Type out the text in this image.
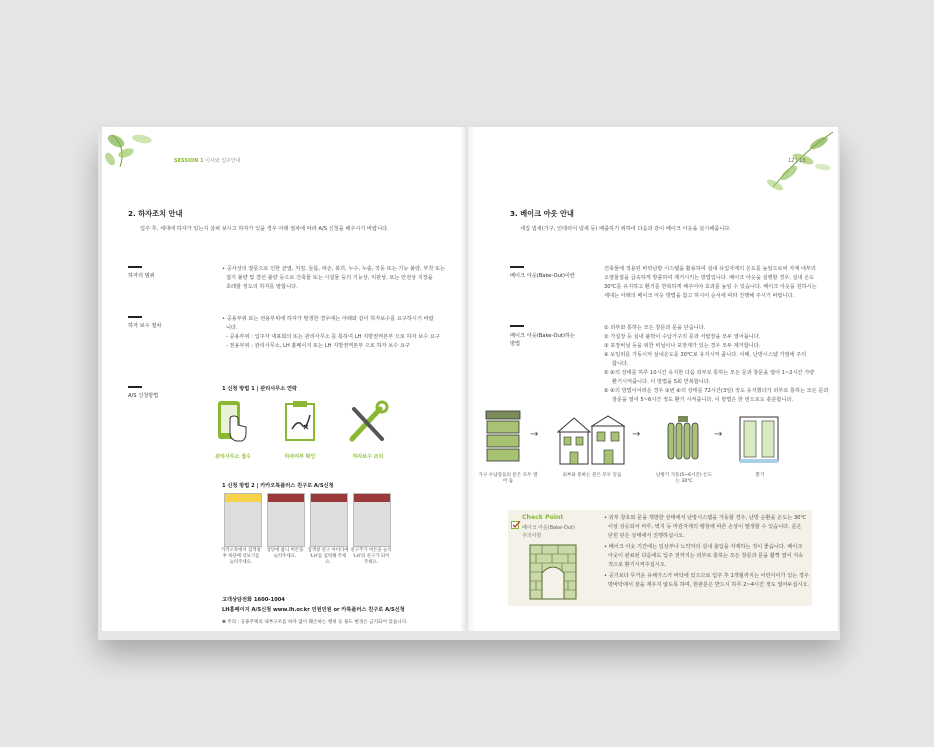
SESSION 1 이사와 입주안내
2. 하자조치 안내
입주 후, 세대에 하자가 있는지 살펴 보시고 하자가 있을 경우 아래 절차에 따라 A/S 신청을 해주시기 바랍니다.
하자의 범위
• 공사상의 잘못으로 인한 균열, 처짐, 들뜸, 파손, 붕괴, 누수, 누출, 작동 또는 기능 불량, 부착 또는
접지 불량 및 결선 불량 등으로 건축물 또는 시설물 등의 기능상, 미관상, 또는 안전상 지장을
초래할 정도의 하자를 말합니다.
하자 보수 절차
• 공용부위 또는 전용부위에 하자가 발생한 경우에는 아래와 같이 하자보수를 요구하시기 바랍
니다.
- 공용부위 : 입주자 대표회의 또는 관리사무소 를 통하여 LH 지방권역본부 으로 하자 보수 요구
- 전용부위 : 관리사무소, LH 홈페이지 또는 LH 지방권역본부 으로 하자 보수 요구
A/S 신청방법
1 신청 방법 1 | 관리사무소 연락
관리사무소 접수	하자여부 확인	하자보수 조치
1 신청 방법 2 | 카카오톡플러스 친구로 A/S신청
카카오톡에서 검색창 후 하단에 더보기를 눌러주세요.
상단에 톱니 버튼을 눌러주세요.
검색창 친구 아이디에 'LH'를 입력해 주세요.
친구추가 버튼을 눌러 'LH'의 친구가 되어 주세요.
고객상담전화 1600-1004
LH홈페이지 A/S신청 www.lh.or.kr 민원민원 or 카톡플러스 친구로 A/S신청
✽ 주의 : 공용주택의 내부구조를 하자 없이 훼손하는 행위 등 용도 변경은 금지되어 있습니다.
12 | 13
3. 베이크 아웃 안내
새집 냄새(가구, 인테리어 냄새 등) 배출하기 위하여 다음과 같이 베이크 아웃을 실시해줍니다.
베이크 아웃(Bake-Out)이란
건축물에 적용된 바닥난방 시스템을 활용하여 실내 유입자재의 온도를 높임으로써 자재 내부의
오염물질을 급속하게 방출하여 제거시키는 방법입니다. 베이크 아웃을 실행할 경우, 실내 온도
30℃를 유지하고 환기를 반복하게 해주어야 효과를 높일 수 있습니다. 베이크 아웃을 원하시는
세대는 아래의 베이크 아웃 방법을 참고 하시어 순서에 따라 진행해 주시기 바랍니다.
베이크 아웃(Bake-Out)하는
방법
① 외부와 통하는 모든 창문과 문을 닫습니다.
② 가설장 등 실내 붙박이 수납가구의 문과 서랍장을 모두 열어둡니다.
③ 포장비닐 등을 위한 비닐이나 포장재가 있는 경우 모두 제거합니다.
④ 보일러를 가동시켜 실내온도를 30℃로 유지시켜 줍니다. 이때, 난방시스템 가열에 주의
합니다.
⑤ ④의 상태를 하루 10시간 유지한 다음 외부로 통하는 모든 문과 창문을 열어 1~2시간 가량
환기시켜줍니다. 이 방법을 5회 반복합니다.
⑥ ④의 방법이어려운 경우 ③번 ④의 상태를 72시간(3일) 정도 유지했다가 외부로 통하는 모든 문과
창문을 열어 5~6시간 정도 환기 시켜줍니다. 이 방법은 한 번으로도 충분합니다.
→	→	→
가구 수납장들의 문은 모두 열어 둠
외부와 통하는 문은 모두 닫음	난방기 가동(5~6시간) 온도는 30℃
환기
Check Point
베이크 아웃(Bake-Out)
주의사항
• 외부 창호와 문을 개방한 상태에서 난방시스템을 가동할 경우, 난방 순환을 온도는 30℃
이상 상승되어 마루, 벽지 등 마감자재의 팽창에 따른 손상이 발생할 수 있습니다. 문은
닫힌 닫은 상태에서 진행하십시오.
• 베이크 아웃 기간에는 입상부나 노약자의 실내 출입을 자제하는 것이 좋습니다. 베이크
아웃이 완료된 다음에도 입주 전까지는 외부로 통하는 모든 창문과 문을 활짝 열어 지속
적으로 환기시켜주십시오.
• 공기보다 무거운 유해가스가 바닥에 있으므로 입주 후 1개월까지는 어린아이가 있는 경우
방바닥에서 잠을 재우지 않도록 하며, 현관문은 반드시 하루 2~4시간 정도 열어두십시오.
